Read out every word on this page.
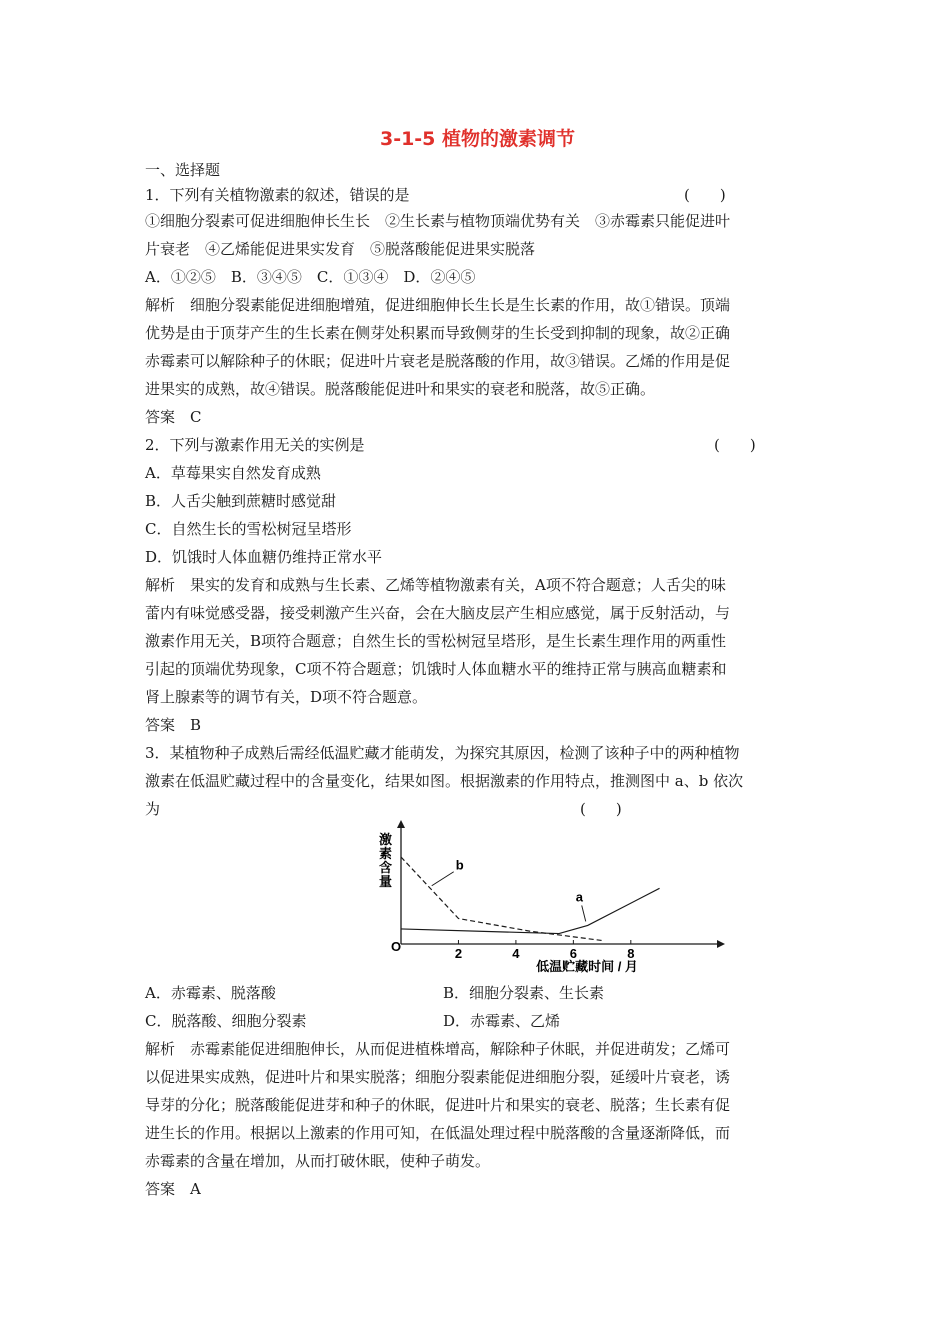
3-1-5 植物的激素调节
一、选择题
1．下列有关植物激素的叙述，错误的是	(　　)
①细胞分裂素可促进细胞伸长生长　②生长素与植物顶端优势有关　③赤霉素只能促进叶
片衰老　④乙烯能促进果实发育　⑤脱落酸能促进果实脱落
A．①②⑤　B．③④⑤　C．①③④　D．②④⑤
解析　细胞分裂素能促进细胞增殖，促进细胞伸长生长是生长素的作用，故①错误。顶端
优势是由于顶芽产生的生长素在侧芽处积累而导致侧芽的生长受到抑制的现象，故②正确
赤霉素可以解除种子的休眠；促进叶片衰老是脱落酸的作用，故③错误。乙烯的作用是促
进果实的成熟，故④错误。脱落酸能促进叶和果实的衰老和脱落，故⑤正确。
答案　C
2．下列与激素作用无关的实例是	(　　)
A．草莓果实自然发育成熟
B．人舌尖触到蔗糖时感觉甜
C．自然生长的雪松树冠呈塔形
D．饥饿时人体血糖仍维持正常水平
解析　果实的发育和成熟与生长素、乙烯等植物激素有关，A项不符合题意；人舌尖的味
蕾内有味觉感受器，接受刺激产生兴奋，会在大脑皮层产生相应感觉，属于反射活动，与
激素作用无关，B项符合题意；自然生长的雪松树冠呈塔形，是生长素生理作用的两重性
引起的顶端优势现象，C项不符合题意；饥饿时人体血糖水平的维持正常与胰高血糖素和
肾上腺素等的调节有关，D项不符合题意。
答案　B
3．某植物种子成熟后需经低温贮藏才能萌发，为探究其原因，检测了该种子中的两种植物
激素在低温贮藏过程中的含量变化，结果如图。根据激素的作用特点，推测图中 a、b 依次
为	(　　)
激素含量
O	2	4	6	8
b
a
低温贮藏时间 / 月
A．赤霉素、脱落酸	B．细胞分裂素、生长素
C．脱落酸、细胞分裂素	D．赤霉素、乙烯
解析　赤霉素能促进细胞伸长，从而促进植株增高，解除种子休眠，并促进萌发；乙烯可
以促进果实成熟，促进叶片和果实脱落；细胞分裂素能促进细胞分裂，延缓叶片衰老，诱
导芽的分化；脱落酸能促进芽和种子的休眠，促进叶片和果实的衰老、脱落；生长素有促
进生长的作用。根据以上激素的作用可知，在低温处理过程中脱落酸的含量逐渐降低，而
赤霉素的含量在增加，从而打破休眠，使种子萌发。
答案　A
